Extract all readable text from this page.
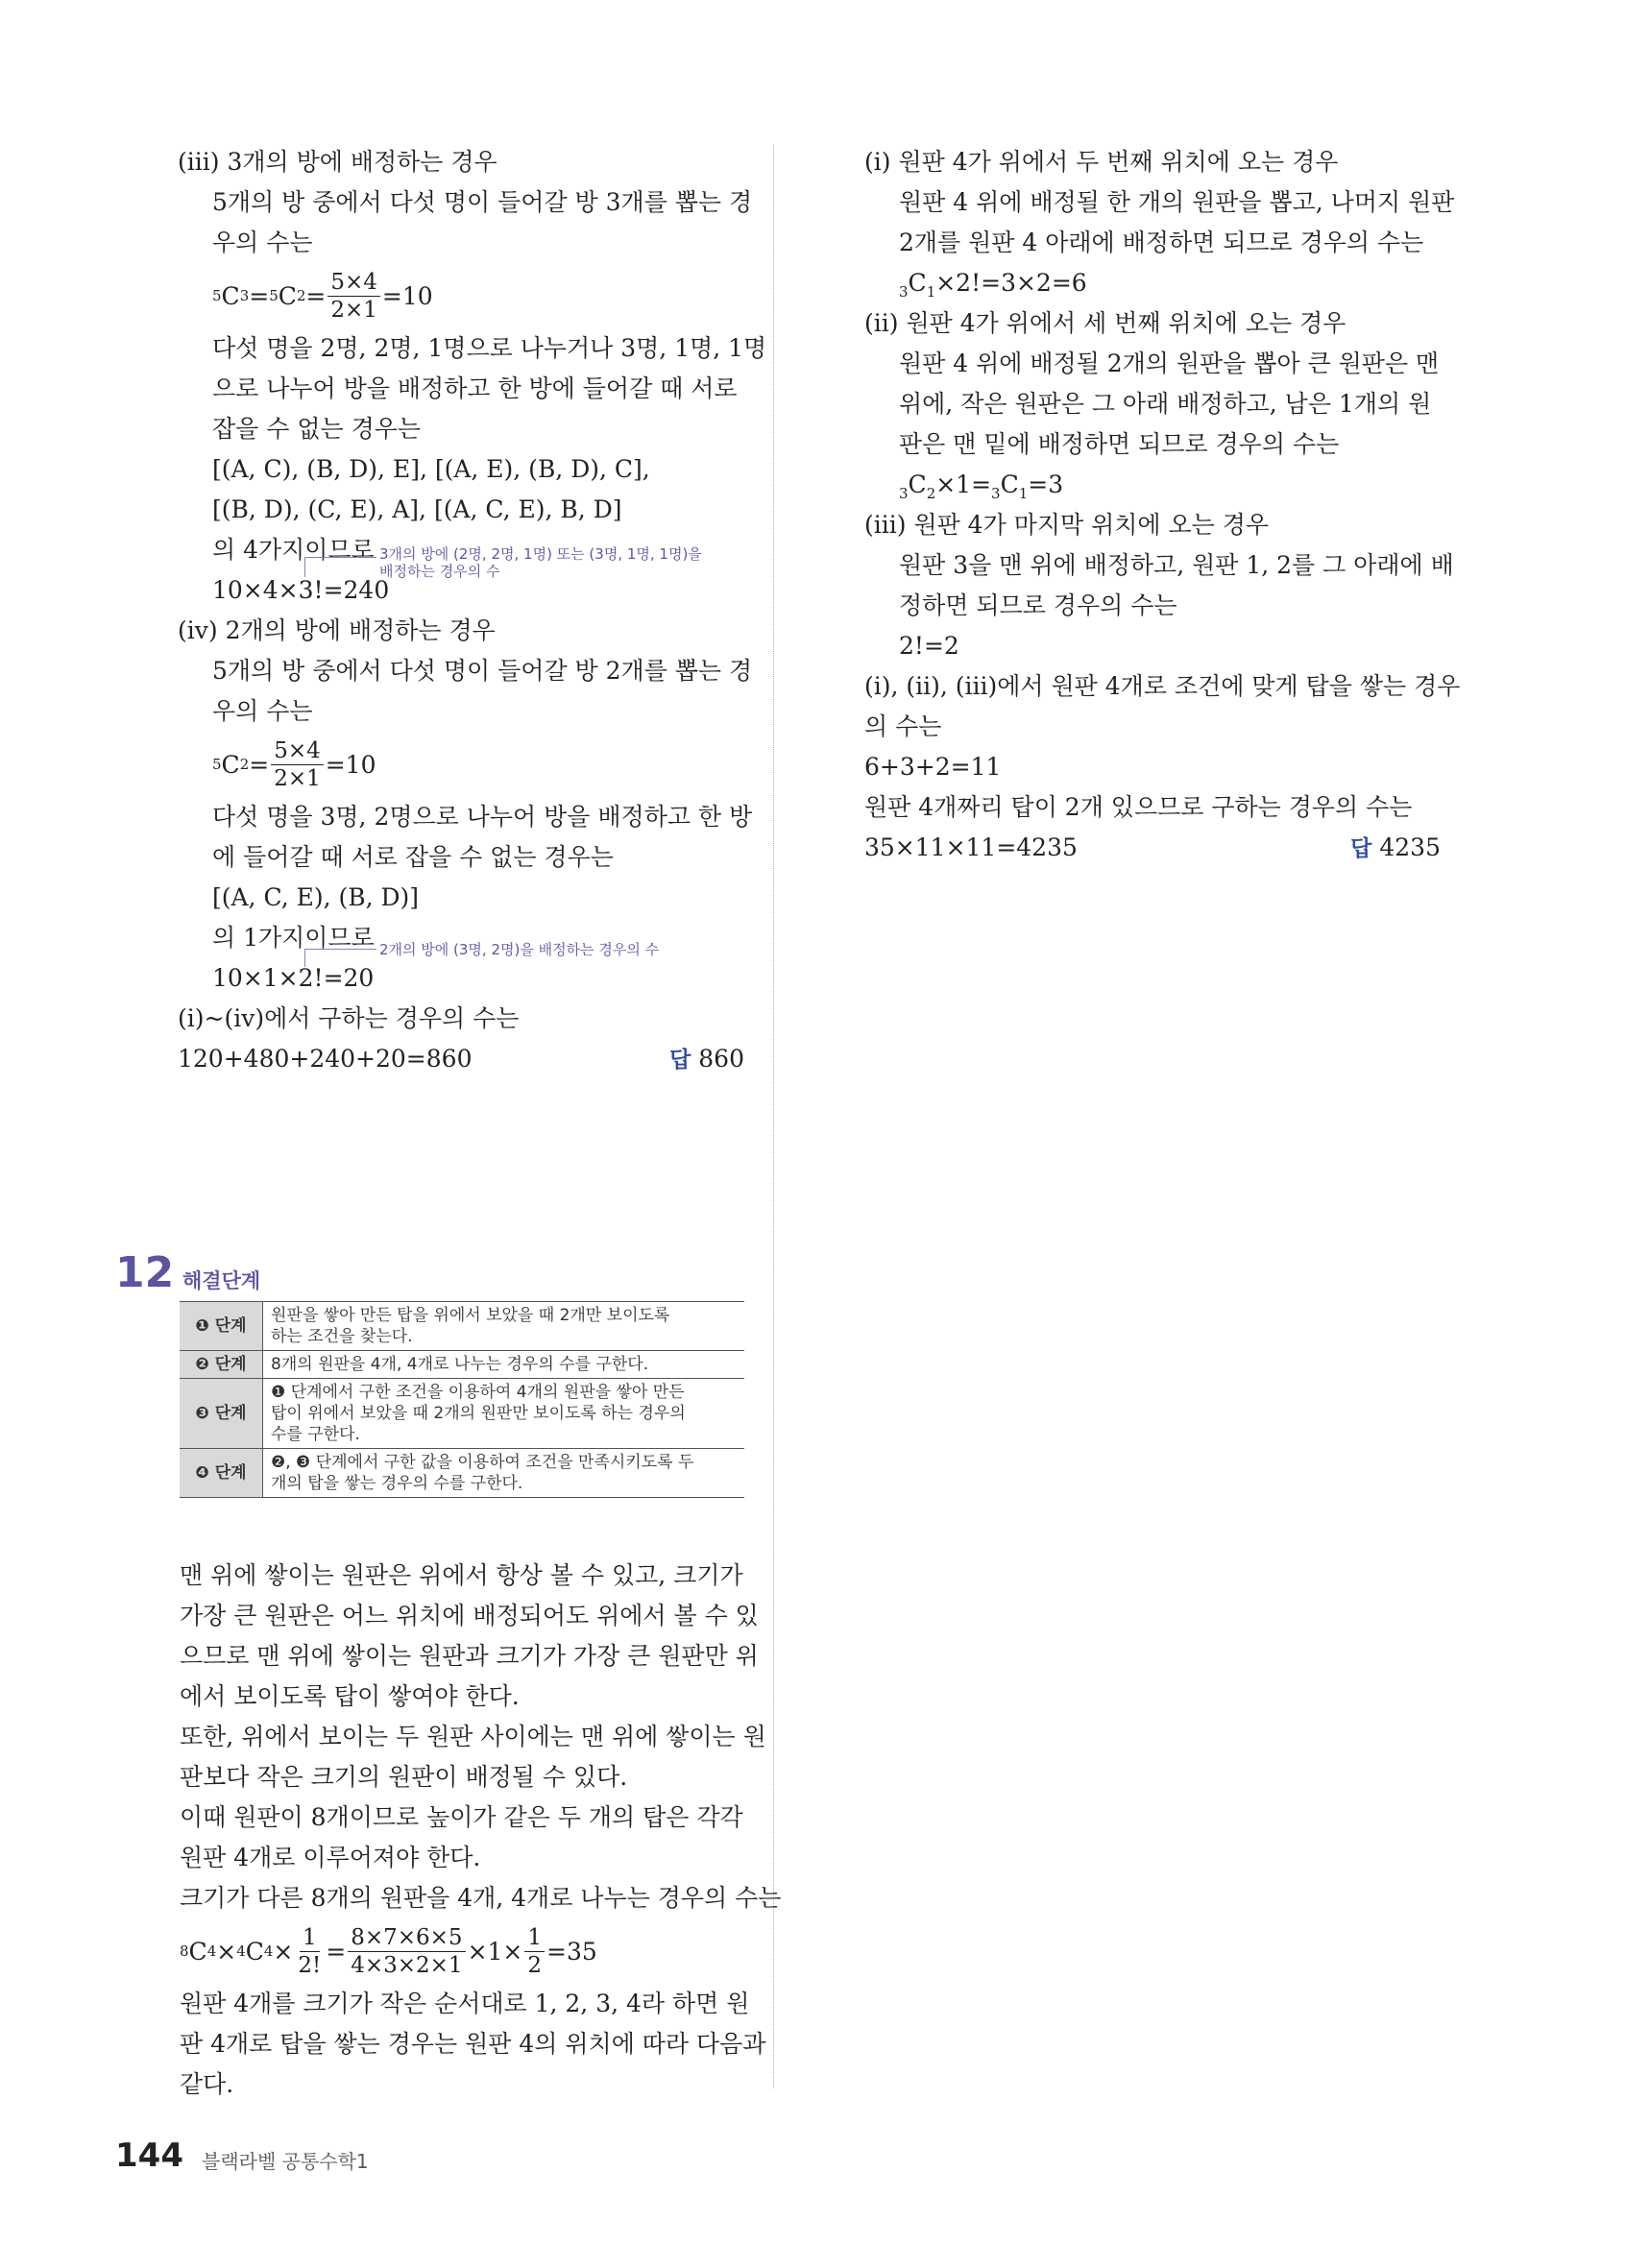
(iii) 3개의 방에 배정하는 경우
5개의 방 중에서 다섯 명이 들어갈 방 3개를 뽑는 경
우의 수는
5 C 3 = 5 C $2 = \frac{5\times 4}{2\times 1} =10$
다섯 명을 2명, 2명, 1명으로 나누거나 3명, 1명, 1명
으로 나누어 방을 배정하고 한 방에 들어갈 때 서로
잡을 수 없는 경우는
[(A, C), (B, D), E], [(A, E), (B, D), C],
[(B, D), (C, E), A], [(A, C, E), B, D]
의 4가지이므로
10×4×3!=240
3개의 방에 (2명, 2명, 1명) 또는 (3명, 1명, 1명)을
배정하는 경우의 수
(iv) 2개의 방에 배정하는 경우
5개의 방 중에서 다섯 명이 들어갈 방 2개를 뽑는 경
우의 수는
5 C $2 = \frac{5\times 4}{2\times 1} =10$
다섯 명을 3명, 2명으로 나누어 방을 배정하고 한 방
에 들어갈 때 서로 잡을 수 없는 경우는
[(A, C, E), (B, D)]
의 1가지이므로
10×1×2!=20
2개의 방에 (3명, 2명)을 배정하는 경우의 수
(i)~(iv)에서 구하는 경우의 수는
120+480+240+20=860	답 860
(i) 원판 4가 위에서 두 번째 위치에 오는 경우
원판 4 위에 배정될 한 개의 원판을 뽑고, 나머지 원판
2개를 원판 4 아래에 배정하면 되므로 경우의 수는
$_3C_1\times 2!=3\times 2=6$
(ii) 원판 4가 위에서 세 번째 위치에 오는 경우
원판 4 위에 배정될 2개의 원판을 뽑아 큰 원판은 맨
위에, 작은 원판은 그 아래 배정하고, 남은 1개의 원
판은 맨 밑에 배정하면 되므로 경우의 수는
$_3C_2\times 1=_3C_1=3$
(iii) 원판 4가 마지막 위치에 오는 경우
원판 3을 맨 위에 배정하고, 원판 1, 2를 그 아래에 배
정하면 되므로 경우의 수는
2!=2
(i), (ii), (iii)에서 원판 4개로 조건에 맞게 탑을 쌓는 경우
의 수는
6+3+2=11
원판 4개짜리 탑이 2개 있으므로 구하는 경우의 수는
35×11×11=4235	답 4235
12 해결단계
❶ 단계	원판을 쌓아 만든 탑을 위에서 보았을 때 2개만 보이도록
하는 조건을 찾는다.

❷ 단계	8개의 원판을 4개, 4개로 나누는 경우의 수를 구한다.

❸ 단계	❶ 단계에서 구한 조건을 이용하여 4개의 원판을 쌓아 만든
탑이 위에서 보았을 때 2개의 원판만 보이도록 하는 경우의
수를 구한다.

❹ 단계	❷, ❸ 단계에서 구한 값을 이용하여 조건을 만족시키도록 두
개의 탑을 쌓는 경우의 수를 구한다.
맨 위에 쌓이는 원판은 위에서 항상 볼 수 있고, 크기가
가장 큰 원판은 어느 위치에 배정되어도 위에서 볼 수 있
으므로 맨 위에 쌓이는 원판과 크기가 가장 큰 원판만 위
에서 보이도록 탑이 쌓여야 한다.
또한, 위에서 보이는 두 원판 사이에는 맨 위에 쌓이는 원
판보다 작은 크기의 원판이 배정될 수 있다.
이때 원판이 8개이므로 높이가 같은 두 개의 탑은 각각
원판 4개로 이루어져야 한다.
크기가 다른 8개의 원판을 4개, 4개로 나누는 경우의 수는
8 C 4 × 4 C $4 \times \frac{1}{2!} = \frac{8\times 7\times 6\times 5}{4\times 3\times 2\times 1} \times 1\times \frac{1}{2} =35$
원판 4개를 크기가 작은 순서대로 1, 2, 3, 4라 하면 원
판 4개로 탑을 쌓는 경우는 원판 4의 위치에 따라 다음과
같다.
144 블랙라벨 공통수학1
